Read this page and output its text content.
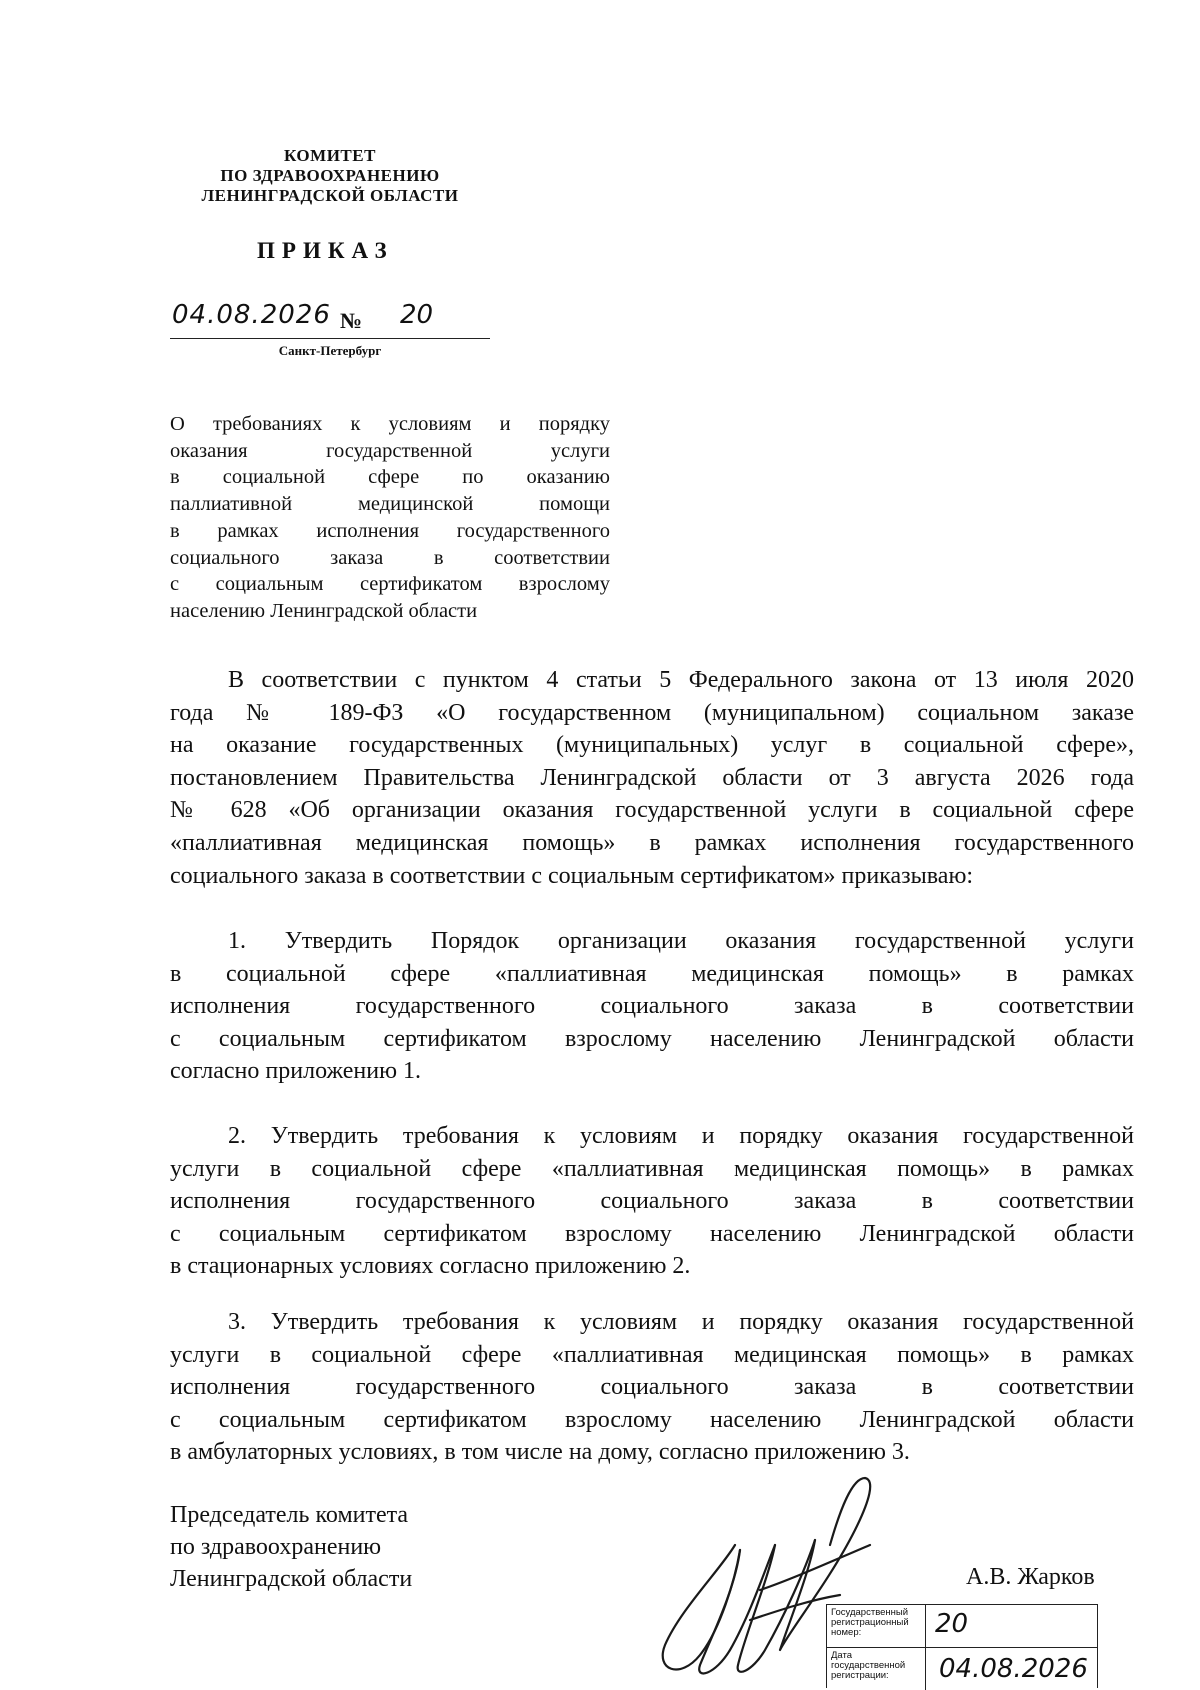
КОМИТЕТ
ПО ЗДРАВООХРАНЕНИЮ
ЛЕНИНГРАДСКОЙ ОБЛАСТИ
ПРИКАЗ
04.08.2026 № 20
Санкт-Петербург
О требованиях к условиям и порядку
оказания государственной услуги
в социальной сфере по оказанию
паллиативной медицинской помощи
в рамках исполнения государственного
социального заказа в соответствии
с социальным сертификатом взрослому
населению Ленинградской области
В соответствии с пунктом 4 статьи 5 Федерального закона от 13 июля 2020
года № 189-ФЗ «О государственном (муниципальном) социальном заказе
на оказание государственных (муниципальных) услуг в социальной сфере»,
постановлением Правительства Ленинградской области от 3 августа 2026 года
№ 628 «Об организации оказания государственной услуги в социальной сфере
«паллиативная медицинская помощь» в рамках исполнения государственного
социального заказа в соответствии с социальным сертификатом» приказываю:
1. Утвердить Порядок организации оказания государственной услуги
в социальной сфере «паллиативная медицинская помощь» в рамках
исполнения государственного социального заказа в соответствии
с социальным сертификатом взрослому населению Ленинградской области
согласно приложению 1.
2. Утвердить требования к условиям и порядку оказания государственной
услуги в социальной сфере «паллиативная медицинская помощь» в рамках
исполнения государственного социального заказа в соответствии
с социальным сертификатом взрослому населению Ленинградской области
в стационарных условиях согласно приложению 2.
3. Утвердить требования к условиям и порядку оказания государственной
услуги в социальной сфере «паллиативная медицинская помощь» в рамках
исполнения государственного социального заказа в соответствии
с социальным сертификатом взрослому населению Ленинградской области
в амбулаторных условиях, в том числе на дому, согласно приложению 3.
Председатель комитета
по здравоохранению
Ленинградской области	А.В. Жарков
Государственный регистрационный номер:	20
Дата государственной регистрации:	04.08.2026
